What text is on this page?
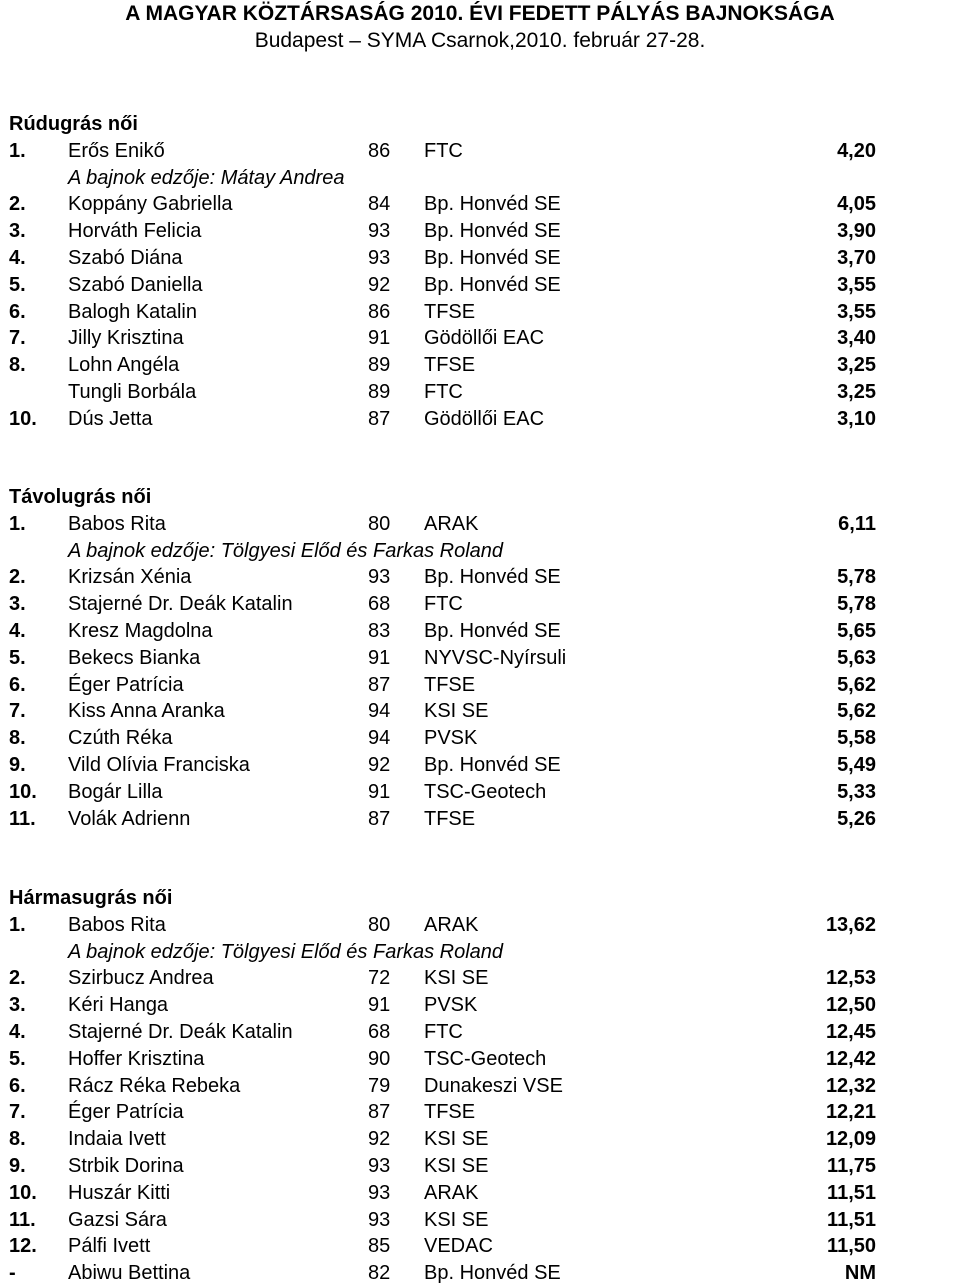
A MAGYAR KÖZTÁRSASÁG 2010. ÉVI FEDETT PÁLYÁS BAJNOKSÁGA
Budapest – SYMA Csarnok,2010. február 27-28.
Rúdugrás női
1. Erős Enikő	86 FTC	4,20
A bajnok edzője: Mátay Andrea
2. Koppány Gabriella	84 Bp. Honvéd SE	4,05
3. Horváth Felicia	93 Bp. Honvéd SE	3,90
4. Szabó Diána	93 Bp. Honvéd SE	3,70
5. Szabó Daniella	92 Bp. Honvéd SE	3,55
6. Balogh Katalin	86 TFSE	3,55
7. Jilly Krisztina	91 Gödöllői EAC	3,40
8. Lohn Angéla	89 TFSE	3,25
Tungli Borbála	89 FTC	3,25
10. Dús Jetta	87 Gödöllői EAC	3,10
Távolugrás női
1. Babos Rita	80 ARAK	6,11
A bajnok edzője: Tölgyesi Előd és Farkas Roland
2. Krizsán Xénia	93 Bp. Honvéd SE	5,78
3. Stajerné Dr. Deák Katalin	68 FTC	5,78
4. Kresz Magdolna	83 Bp. Honvéd SE	5,65
5. Bekecs Bianka	91 NYVSC-Nyírsuli	5,63
6. Éger Patrícia	87 TFSE	5,62
7. Kiss Anna Aranka	94 KSI SE	5,62
8. Czúth Réka	94 PVSK	5,58
9. Vild Olívia Franciska	92 Bp. Honvéd SE	5,49
10. Bogár Lilla	91 TSC-Geotech	5,33
11. Volák Adrienn	87 TFSE	5,26
Hármasugrás női
1. Babos Rita	80 ARAK	13,62
A bajnok edzője: Tölgyesi Előd és Farkas Roland
2. Szirbucz Andrea	72 KSI SE	12,53
3. Kéri Hanga	91 PVSK	12,50
4. Stajerné Dr. Deák Katalin	68 FTC	12,45
5. Hoffer Krisztina	90 TSC-Geotech	12,42
6. Rácz Réka Rebeka	79 Dunakeszi VSE	12,32
7. Éger Patrícia	87 TFSE	12,21
8. Indaia Ivett	92 KSI SE	12,09
9. Strbik Dorina	93 KSI SE	11,75
10. Huszár Kitti	93 ARAK	11,51
11. Gazsi Sára	93 KSI SE	11,51
12. Pálfi Ivett	85 VEDAC	11,50
-	Abiwu Bettina	82 Bp. Honvéd SE	NM
